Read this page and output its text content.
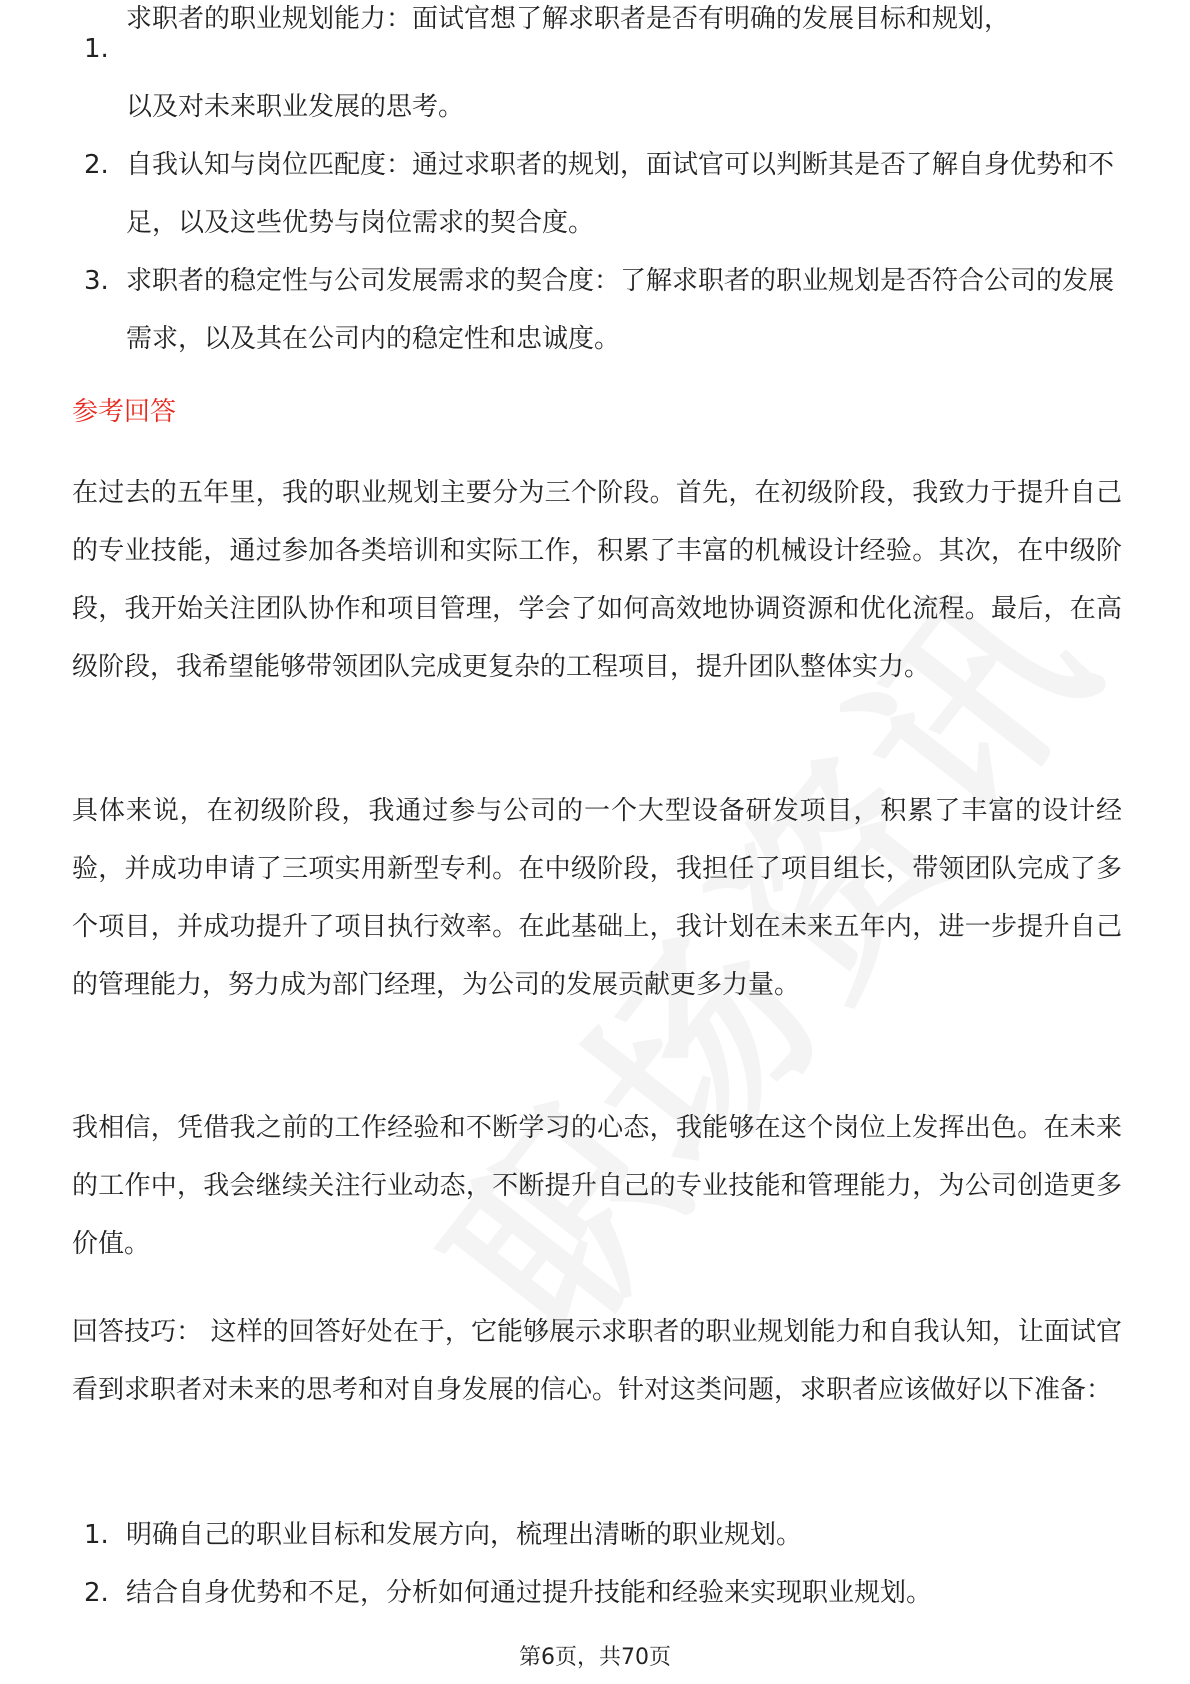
1.
求职者的职业规划能力：面试官想了解求职者是否有明确的发展目标和规划，
以及对未来职业发展的思考。
2. 自我认知与岗位匹配度：通过求职者的规划，面试官可以判断其是否了解自身优势和不足，以及这些优势与岗位需求的契合度。
3. 求职者的稳定性与公司发展需求的契合度：了解求职者的职业规划是否符合公司的发展需求，以及其在公司内的稳定性和忠诚度。
参考回答

在过去的五年里，我的职业规划主要分为三个阶段。首先，在初级阶段，我致力于提升自己的专业技能，通过参加各类培训和实际工作，积累了丰富的机械设计经验。其次，在中级阶段，我开始关注团队协作和项目管理，学会了如何高效地协调资源和优化流程。最后，在高级阶段，我希望能够带领团队完成更复杂的工程项目，提升团队整体实力。

具体来说，在初级阶段，我通过参与公司的一个大型设备研发项目，积累了丰富的设计经验，并成功申请了三项实用新型专利。在中级阶段，我担任了项目组长，带领团队完成了多个项目，并成功提升了项目执行效率。在此基础上，我计划在未来五年内，进一步提升自己的管理能力，努力成为部门经理，为公司的发展贡献更多力量。

我相信，凭借我之前的工作经验和不断学习的心态，我能够在这个岗位上发挥出色。在未来的工作中，我会继续关注行业动态，不断提升自己的专业技能和管理能力，为公司创造更多价值。

回答技巧： 这样的回答好处在于，它能够展示求职者的职业规划能力和自我认知，让面试官看到求职者对未来的思考和对自身发展的信心。针对这类问题，求职者应该做好以下准备：

1. 明确自己的职业目标和发展方向，梳理出清晰的职业规划。
2. 结合自身优势和不足，分析如何通过提升技能和经验来实现职业规划。
第6页，共70页
